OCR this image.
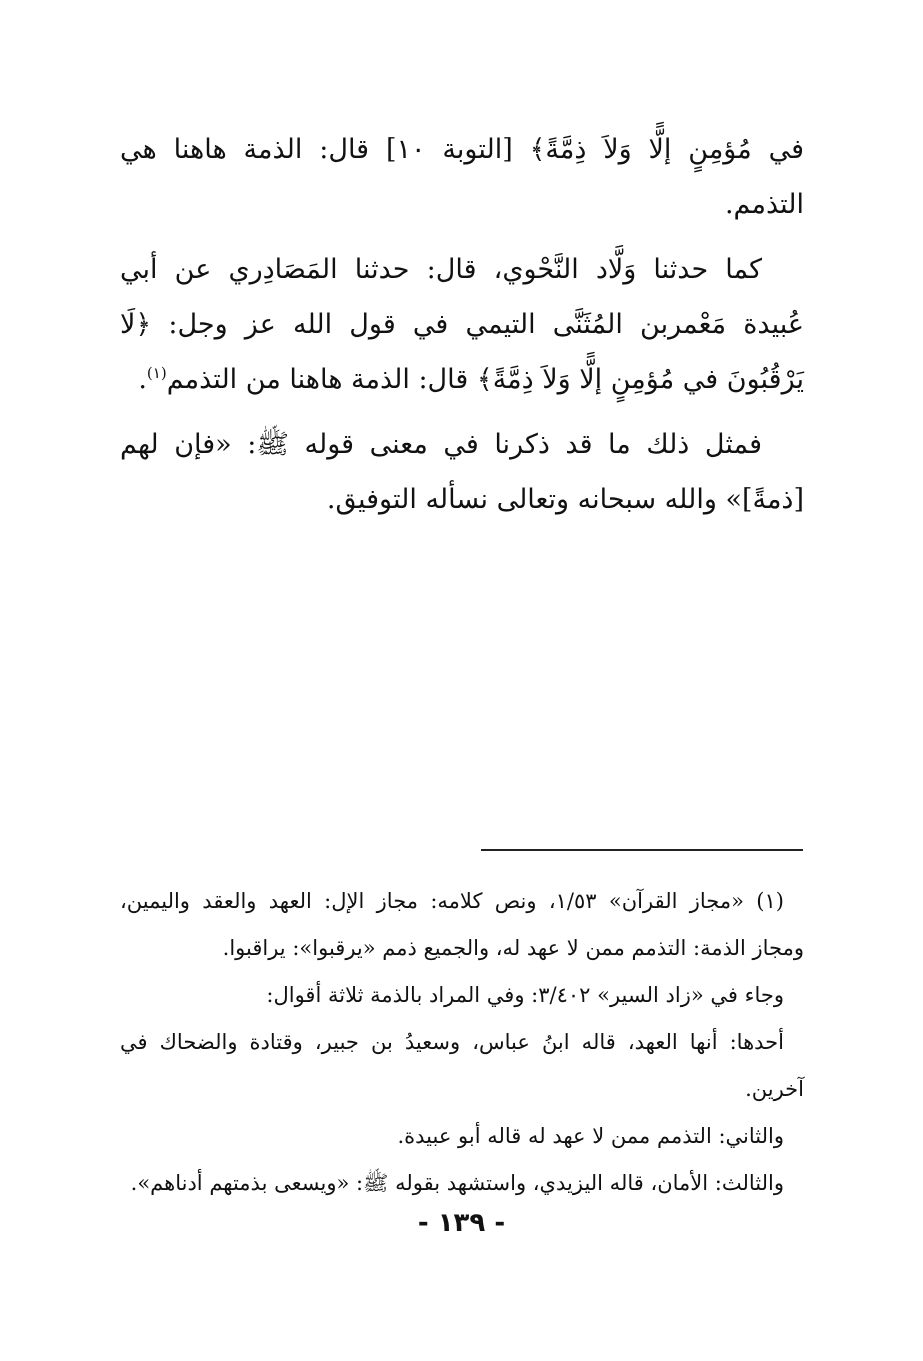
في مُؤمِنٍ إلًّا وَلاَ ذِمَّةً﴾ [التوبة ١٠] قال: الذمة هاهنا هي التذمم.

كما حدثنا وَلَّاد النَّحْوي، قال: حدثنا المَصَادِري عن أبي عُبيدة مَعْمربن المُثَنَّى التيمي في قول الله عز وجل: ﴿لَا يَرْقُبُونَ في مُؤمِنٍ إلًّا وَلاَ ذِمَّةً﴾ قال: الذمة هاهنا من التذمم$^{(١)}$.

فمثل ذلك ما قد ذكرنا في معنى قوله ﷺ: «فإن لهم [ذمةً]» والله سبحانه وتعالى نسأله التوفيق.

(١) «مجاز القرآن» ١/٥٣، ونص كلامه: مجاز الإل: العهد والعقد واليمين، ومجاز الذمة: التذمم ممن لا عهد له، والجميع ذمم «يرقبوا»: يراقبوا.

وجاء في «زاد السير» ٣/٤٠٢: وفي المراد بالذمة ثلاثة أقوال:

أحدها: أنها العهد، قاله ابنُ عباس، وسعيدُ بن جبير، وقتادة والضحاك في آخرين.

والثاني: التذمم ممن لا عهد له قاله أبو عبيدة.

والثالث: الأمان، قاله اليزيدي، واستشهد بقوله ﷺ: «ويسعى بذمتهم أدناهم».

- ١٣٩ -
